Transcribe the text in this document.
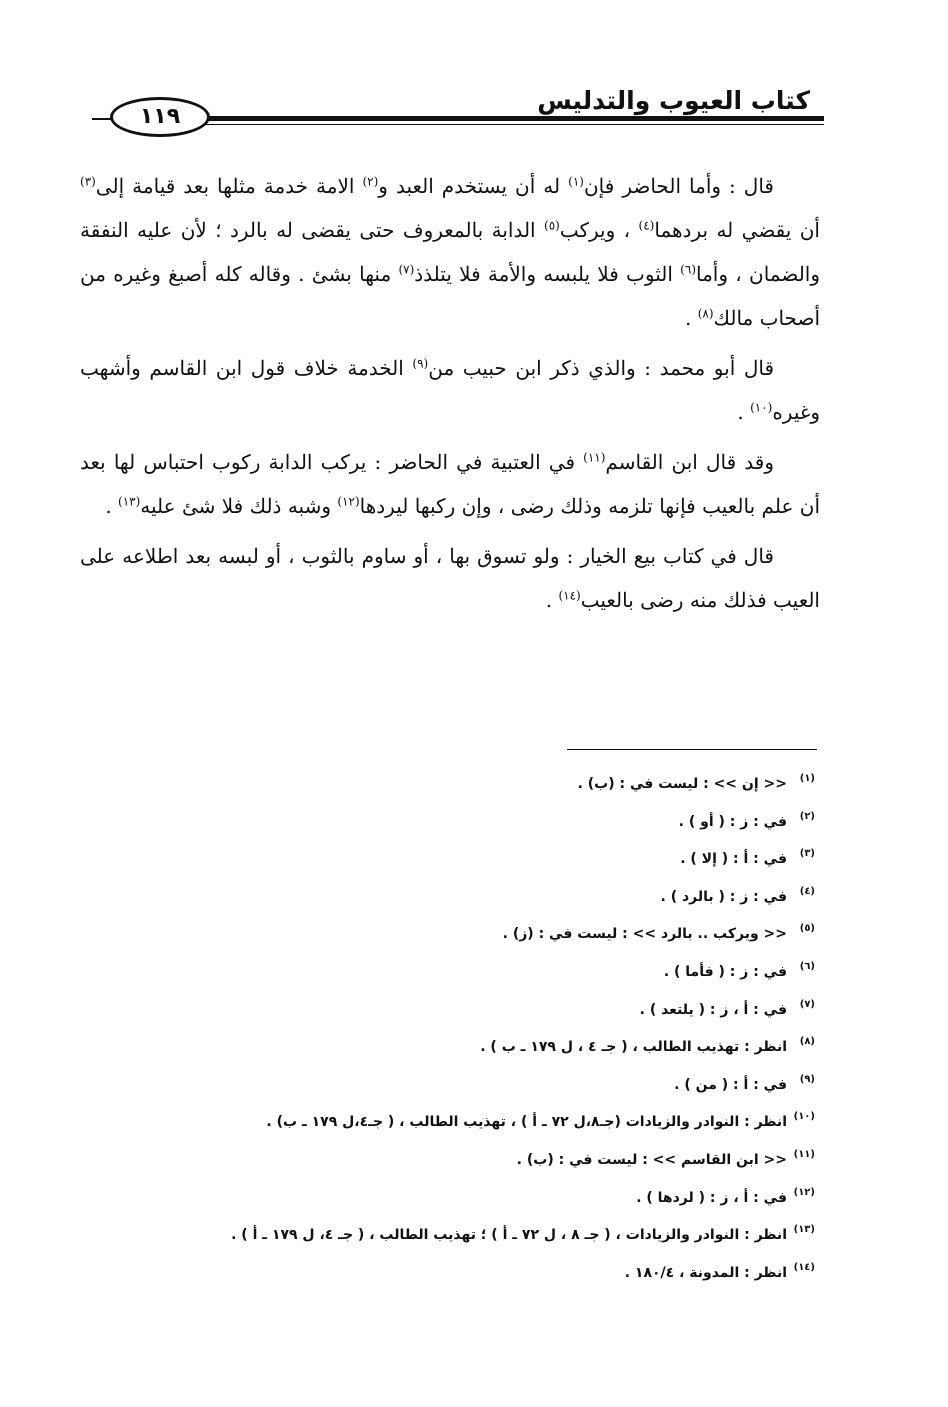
١١٩
كتاب العيوب والتدليس

قال : وأما الحاضر فإن$^{(١)}$ له أن يستخدم العبد و$^{(٢)}$ الامة خدمة مثلها بعد قيامة إلى$^{(٣)}$ أن يقضي له بردهما$^{(٤)}$ ، ويركب$^{(٥)}$ الدابة بالمعروف حتى يقضى له بالرد ؛ لأن عليه النفقة والضمان ، وأما$^{(٦)}$ الثوب فلا يلبسه والأمة فلا يتلذذ$^{(٧)}$ منها بشئ . وقاله كله أصبغ وغيره من أصحاب مالك$^{(٨)}$ .

قال أبو محمد : والذي ذكر ابن حبيب من$^{(٩)}$ الخدمة خلاف قول ابن القاسم وأشهب وغيره$^{(١٠)}$ .

وقد قال ابن القاسم$^{(١١)}$ في العتبية في الحاضر : يركب الدابة ركوب احتباس لها بعد أن علم بالعيب فإنها تلزمه وذلك رضى ، وإن ركبها ليردها$^{(١٢)}$ وشبه ذلك فلا شئ عليه$^{(١٣)}$ .

قال في كتاب بيع الخيار : ولو تسوق بها ، أو ساوم بالثوب ، أو لبسه بعد اطلاعه على العيب فذلك منه رضى بالعيب$^{(١٤)}$ .

(١)<< إن >> : ليست في : (ب) .
(٢)في : ز : ( أو ) .
(٣)في : أ : ( إلا ) .
(٤)في : ز : ( بالرد ) .
(٥)<< ويركب .. بالرد >> : ليست في : (ز) .
(٦)في : ز : ( فأما ) .
(٧)في : أ ، ز : ( يلتعد ) .
(٨)انظر : تهذيب الطالب ، ( جـ ٤ ، ل ١٧٩ ـ ب ) .
(٩)في : أ : ( من ) .
(١٠)انظر : النوادر والزيادات (جـ٨،ل ٧٢ ـ أ ) ، تهذيب الطالب ، ( جـ٤،ل ١٧٩ ـ ب) .
(١١)<< ابن القاسم >> : ليست في : (ب) .
(١٢)في : أ ، ز : ( لردها ) .
(١٣)انظر : النوادر والزيادات ، ( جـ ٨ ، ل ٧٢ ـ أ ) ؛ تهذيب الطالب ، ( جـ ٤، ل ١٧٩ ـ أ ) .
(١٤)انظر : المدونة ، ١٨٠/٤ .
